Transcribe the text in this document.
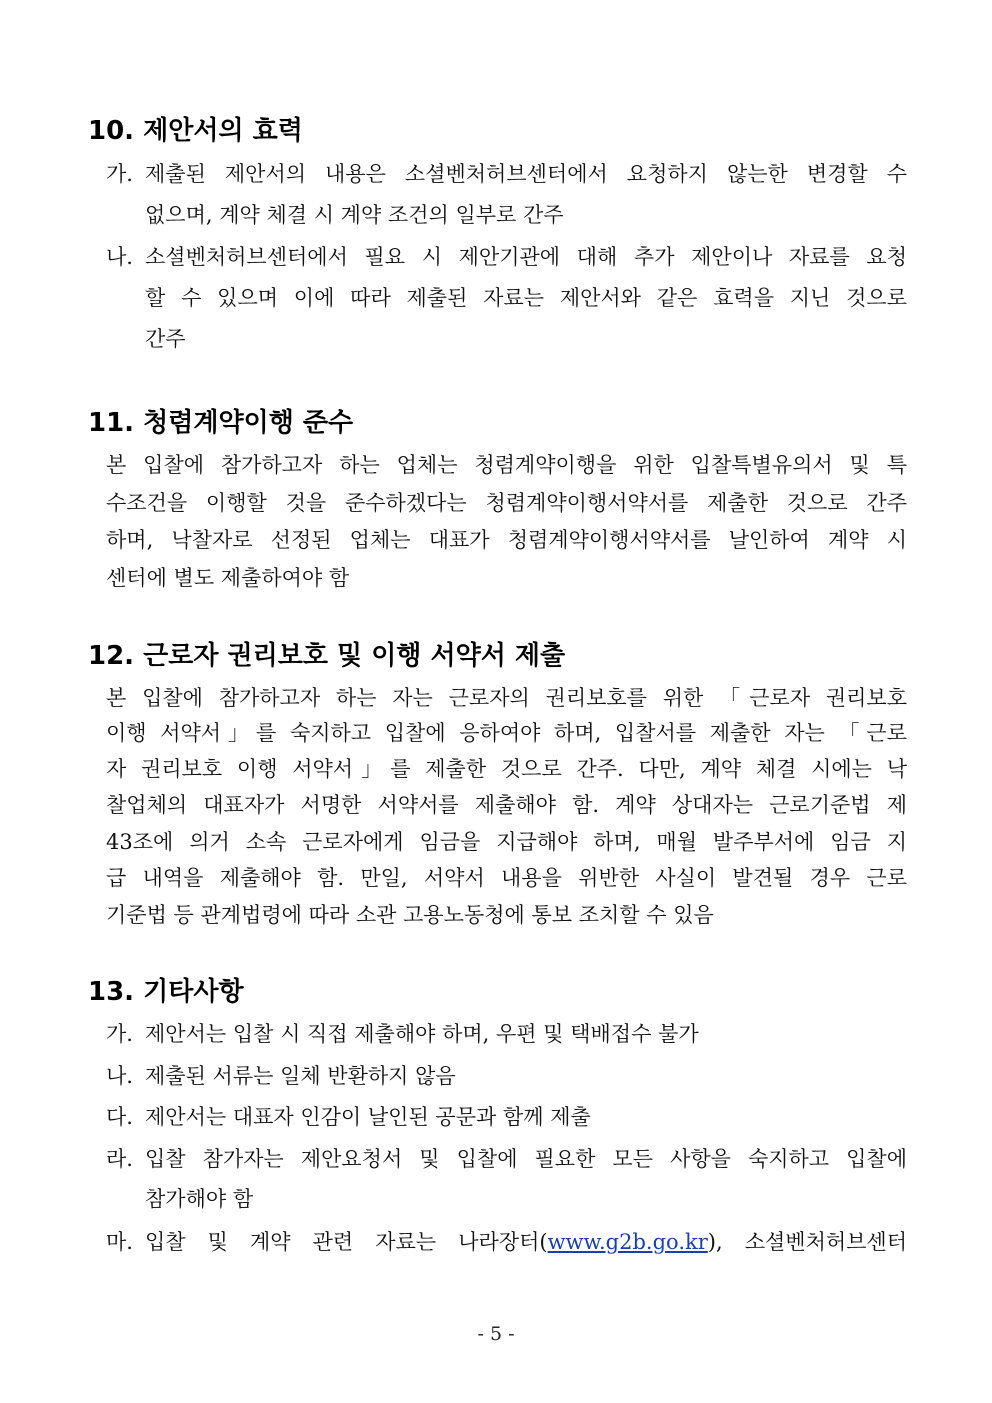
10. 제안서의 효력
가. 제출된 제안서의 내용은 소셜벤처허브센터에서 요청하지 않는한 변경할 수

없으며, 계약 체결 시 계약 조건의 일부로 간주

나. 소셜벤처허브센터에서 필요 시 제안기관에 대해 추가 제안이나 자료를 요청

할 수 있으며 이에 따라 제출된 자료는 제안서와 같은 효력을 지닌 것으로

간주

11. 청렴계약이행 준수

본 입찰에 참가하고자 하는 업체는 청렴계약이행을 위한 입찰특별유의서 및 특

수조건을 이행할 것을 준수하겠다는 청렴계약이행서약서를 제출한 것으로 간주

하며, 낙찰자로 선정된 업체는 대표가 청렴계약이행서약서를 날인하여 계약 시

센터에 별도 제출하여야 함

12. 근로자 권리보호 및 이행 서약서 제출

본 입찰에 참가하고자 하는 자는 근로자의 권리보호를 위한 「근로자 권리보호

이행 서약서」를 숙지하고 입찰에 응하여야 하며, 입찰서를 제출한 자는 「근로

자 권리보호 이행 서약서」를 제출한 것으로 간주. 다만, 계약 체결 시에는 낙

찰업체의 대표자가 서명한 서약서를 제출해야 함. 계약 상대자는 근로기준법 제

43조에 의거 소속 근로자에게 임금을 지급해야 하며, 매월 발주부서에 임금 지

급 내역을 제출해야 함. 만일, 서약서 내용을 위반한 사실이 발견될 경우 근로

기준법 등 관계법령에 따라 소관 고용노동청에 통보 조치할 수 있음

13. 기타사항
가. 제안서는 입찰 시 직접 제출해야 하며, 우편 및 택배접수 불가

나. 제출된 서류는 일체 반환하지 않음

다. 제안서는 대표자 인감이 날인된 공문과 함께 제출

라. 입찰 참가자는 제안요청서 및 입찰에 필요한 모든 사항을 숙지하고 입찰에

참가해야 함

마. 입찰 및 계약 관련 자료는 나라장터(www.g2b.go.kr), 소셜벤처허브센터

- 5 -
